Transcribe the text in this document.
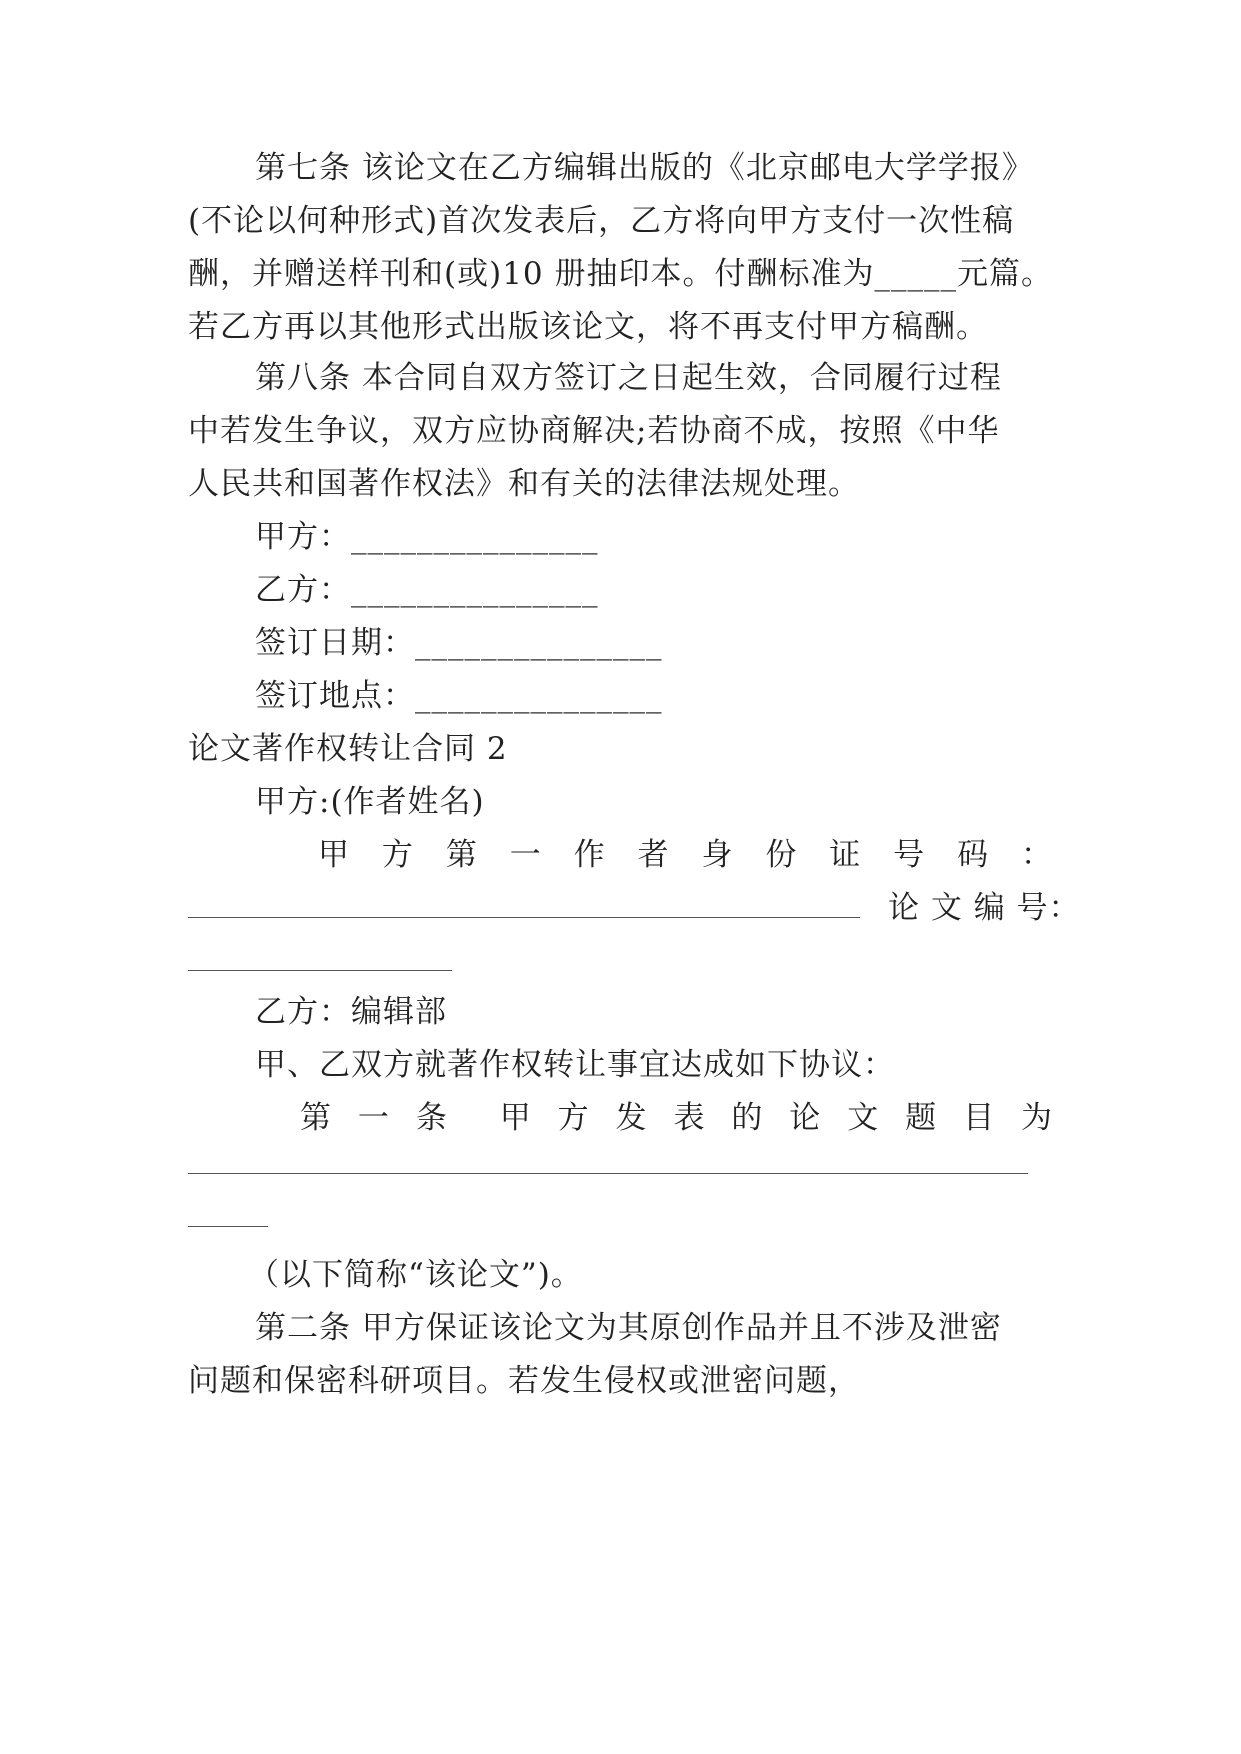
第七条 该论文在乙方编辑出版的《北京邮电大学学报》
(不论以何种形式)首次发表后，乙方将向甲方支付一次性稿
酬，并赠送样刊和(或)10 册抽印本。付酬标准为_____元篇。
若乙方再以其他形式出版该论文，将不再支付甲方稿酬。
第八条 本合同自双方签订之日起生效，合同履行过程
中若发生争议，双方应协商解决;若协商不成，按照《中华
人民共和国著作权法》和有关的法律法规处理。
甲方：_______________
乙方：_______________
签订日期：_______________
签订地点：_______________
论文著作权转让合同 2
甲方:(作者姓名)
甲 方 第 一 作 者 身 份 证 号 码 ：
论 文 编 号：
乙方：编辑部
甲、乙双方就著作权转让事宜达成如下协议：
第 一 条 甲 方 发 表 的 论 文 题 目 为
（以下简称“该论文”)。
第二条 甲方保证该论文为其原创作品并且不涉及泄密
问题和保密科研项目。若发生侵权或泄密问题，
